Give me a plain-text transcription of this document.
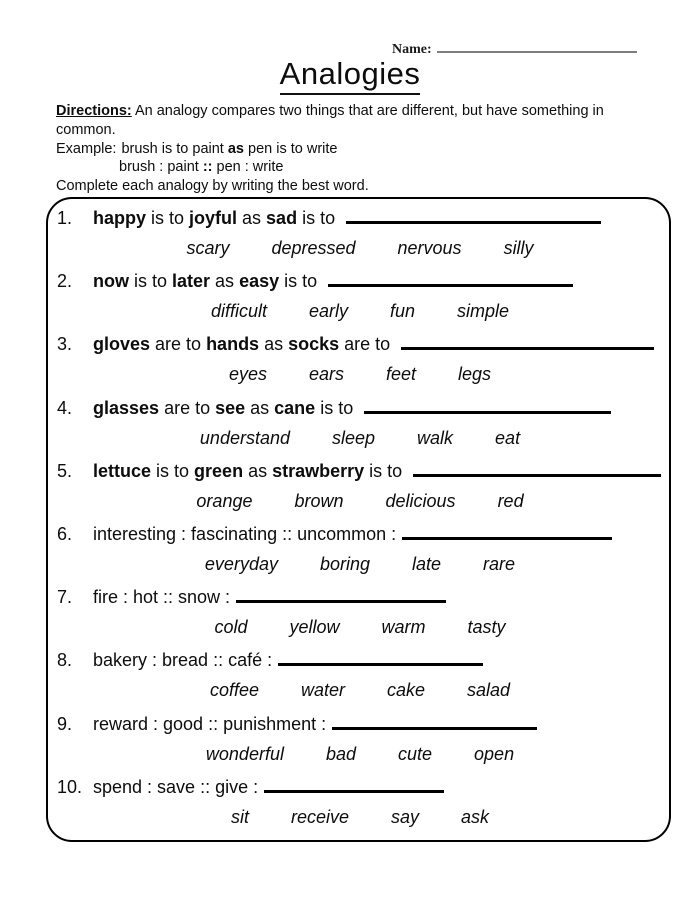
Name:
Analogies
Directions: An analogy compares two things that are different, but have something in common.
Example: brush is to paint as pen is to write
brush : paint :: pen : write
Complete each analogy by writing the best word.
1. happy is to joyful as sad is to
scary depressed nervous silly
2. now is to later as easy is to
difficult early fun simple
3. gloves are to hands as socks are to
eyes ears feet legs
4. glasses are to see as cane is to
understand sleep walk eat
5. lettuce is to green as strawberry is to
orange brown delicious red
6. interesting : fascinating :: uncommon :
everyday boring late rare
7. fire : hot :: snow :
cold yellow warm tasty
8. bakery : bread :: café :
coffee water cake salad
9. reward : good :: punishment :
wonderful bad cute open
10. spend : save :: give :
sit receive say ask
